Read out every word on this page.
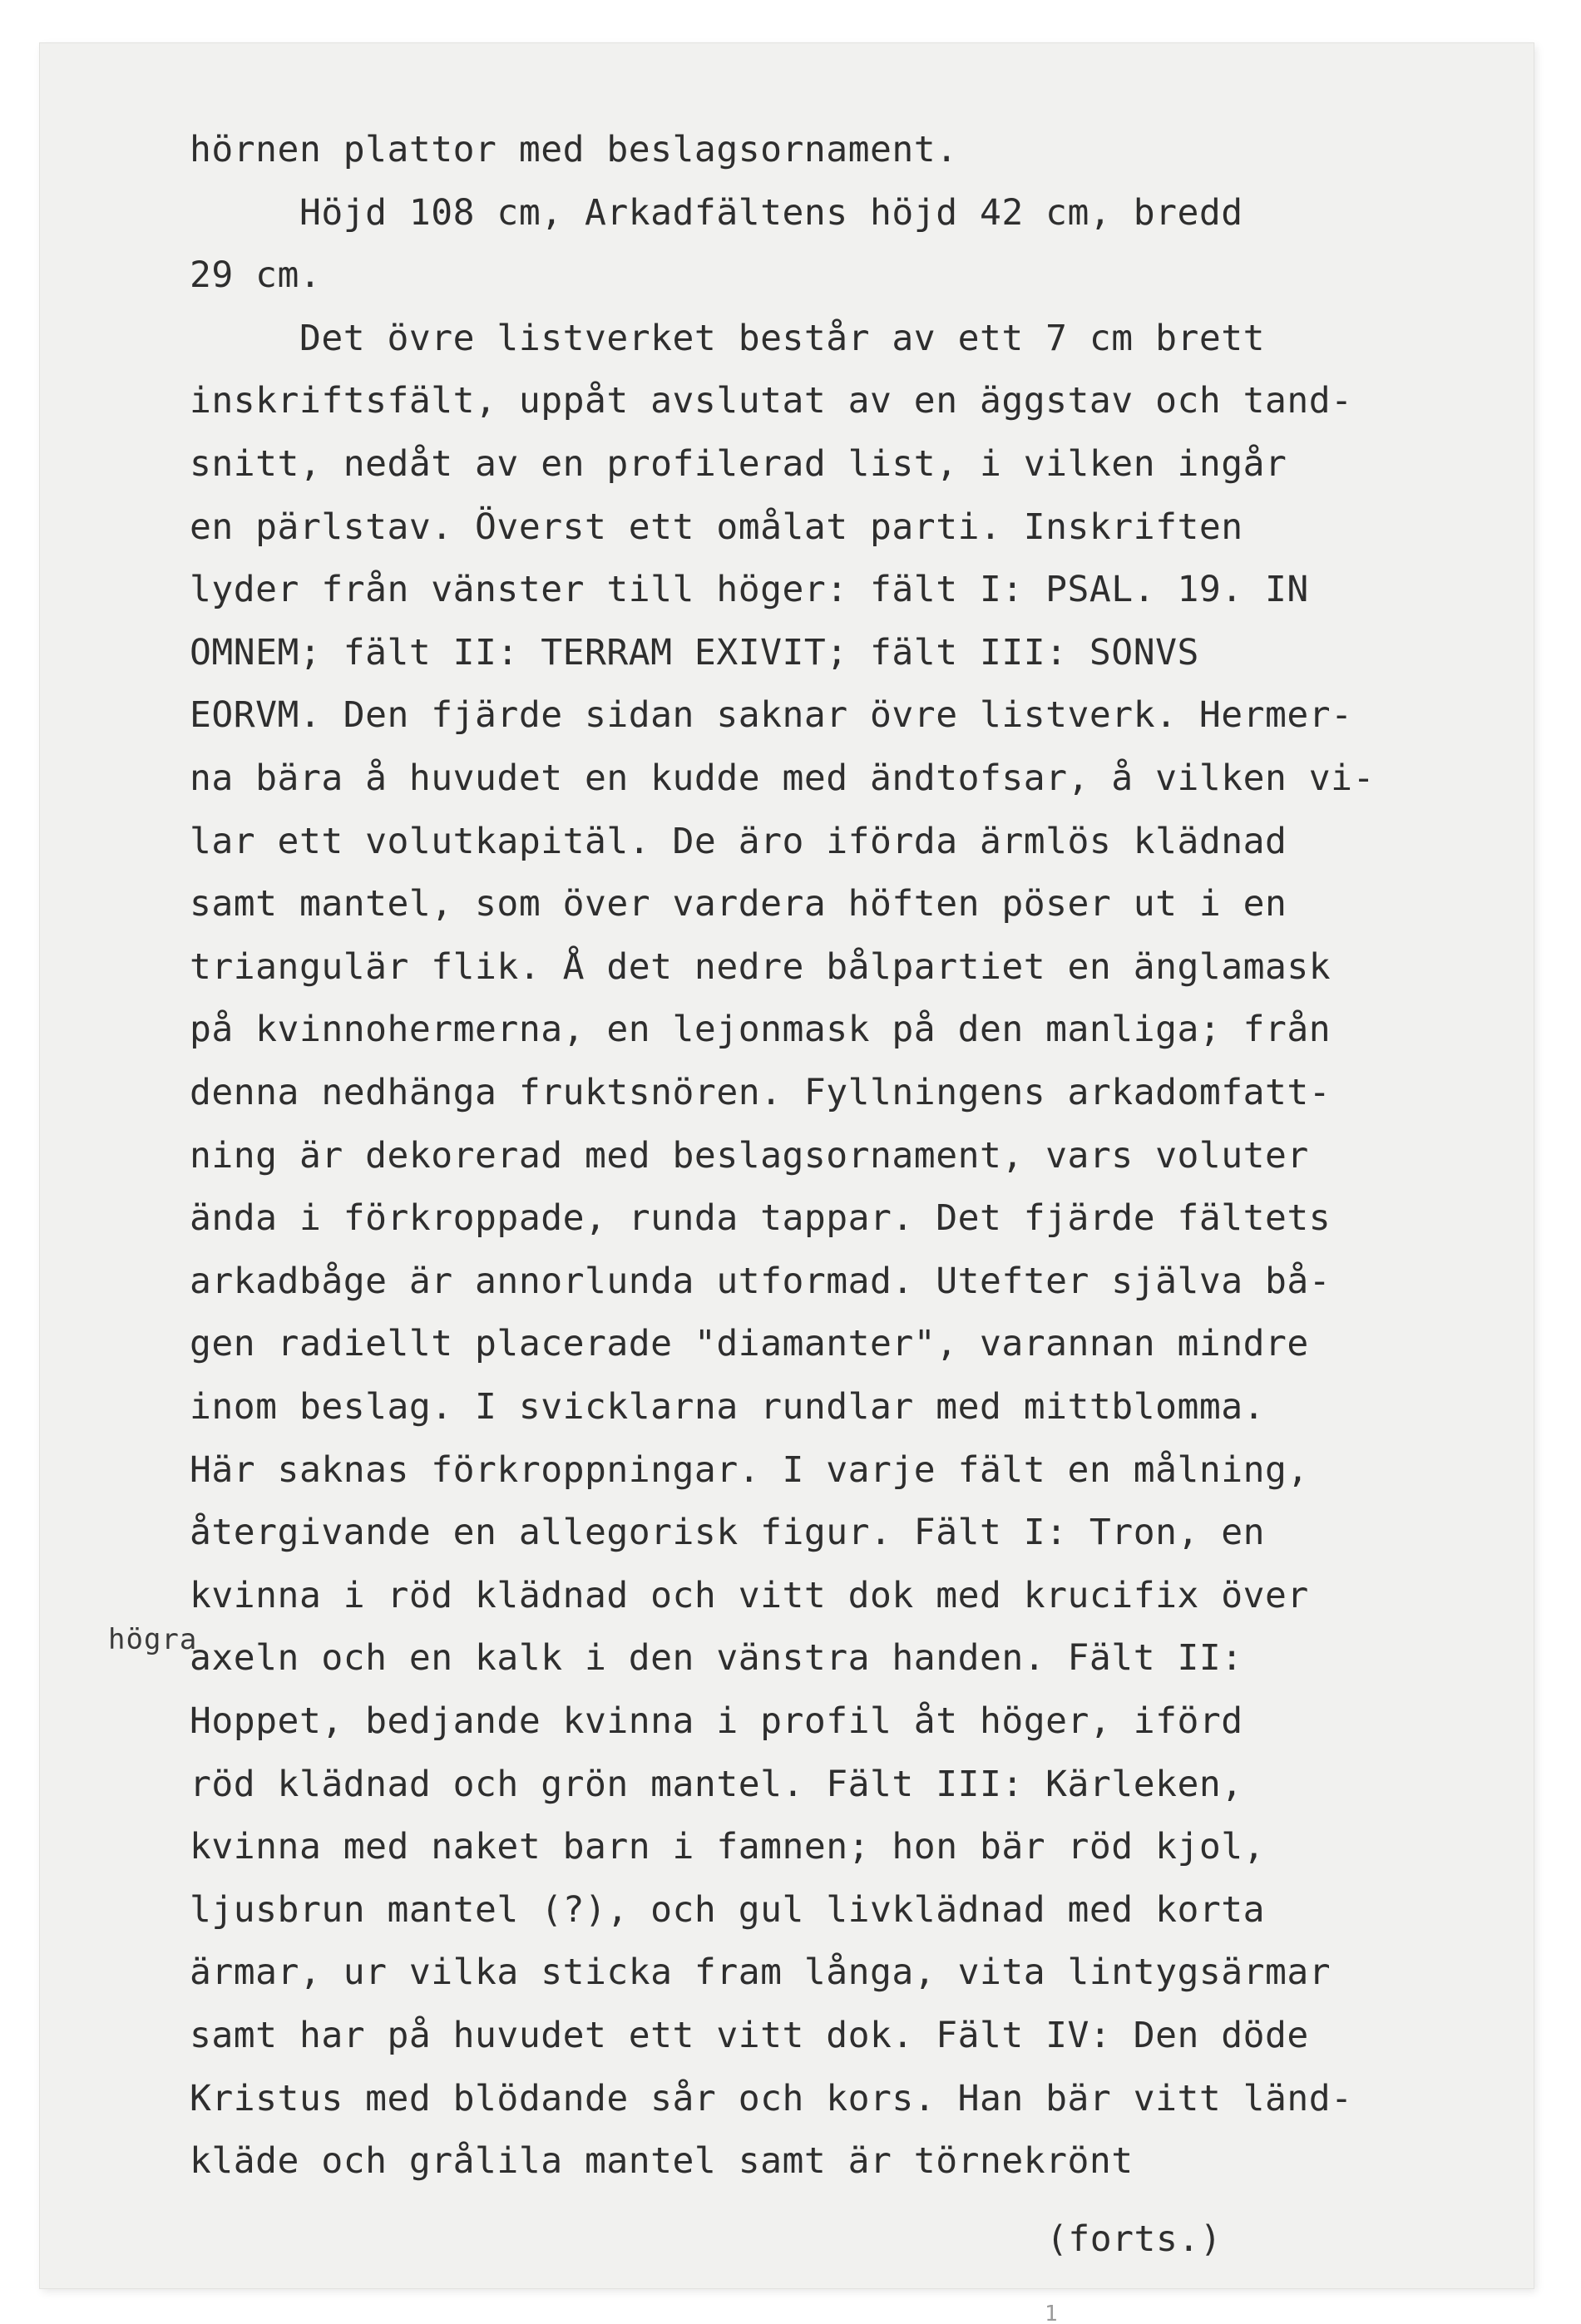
hörnen plattor med beslagsornament.
Höjd 108 cm, Arkadfältens höjd 42 cm, bredd
29 cm.
Det övre listverket består av ett 7 cm brett
inskriftsfält, uppåt avslutat av en äggstav och tand-
snitt, nedåt av en profilerad list, i vilken ingår
en pärlstav. Överst ett omålat parti. Inskriften
lyder från vänster till höger: fält I: PSAL. 19. IN
OMNEM; fält II: TERRAM EXIVIT; fält III: SONVS
EORVM. Den fjärde sidan saknar övre listverk. Hermer-
na bära å huvudet en kudde med ändtofsar, å vilken vi-
lar ett volutkapitäl. De äro iförda ärmlös klädnad
samt mantel, som över vardera höften pöser ut i en
triangulär flik. Å det nedre bålpartiet en änglamask
på kvinnohermerna, en lejonmask på den manliga; från
denna nedhänga fruktsnören. Fyllningens arkadomfatt-
ning är dekorerad med beslagsornament, vars voluter
ända i förkroppade, runda tappar. Det fjärde fältets
arkadbåge är annorlunda utformad. Utefter själva bå-
gen radiellt placerade "diamanter", varannan mindre
inom beslag. I svicklarna rundlar med mittblomma.
Här saknas förkroppningar. I varje fält en målning,
återgivande en allegorisk figur. Fält I: Tron, en
kvinna i röd klädnad och vitt dok med krucifix över
axeln och en kalk i den vänstra handen. Fält II:
Hoppet, bedjande kvinna i profil åt höger, iförd
röd klädnad och grön mantel. Fält III: Kärleken,
kvinna med naket barn i famnen; hon bär röd kjol,
ljusbrun mantel (?), och gul livklädnad med korta
ärmar, ur vilka sticka fram långa, vita lintygsärmar
samt har på huvudet ett vitt dok. Fält IV: Den döde
Kristus med blödande sår och kors. Han bär vitt länd-
kläde och grålila mantel samt är törnekrönt
högra
(forts.)
1
